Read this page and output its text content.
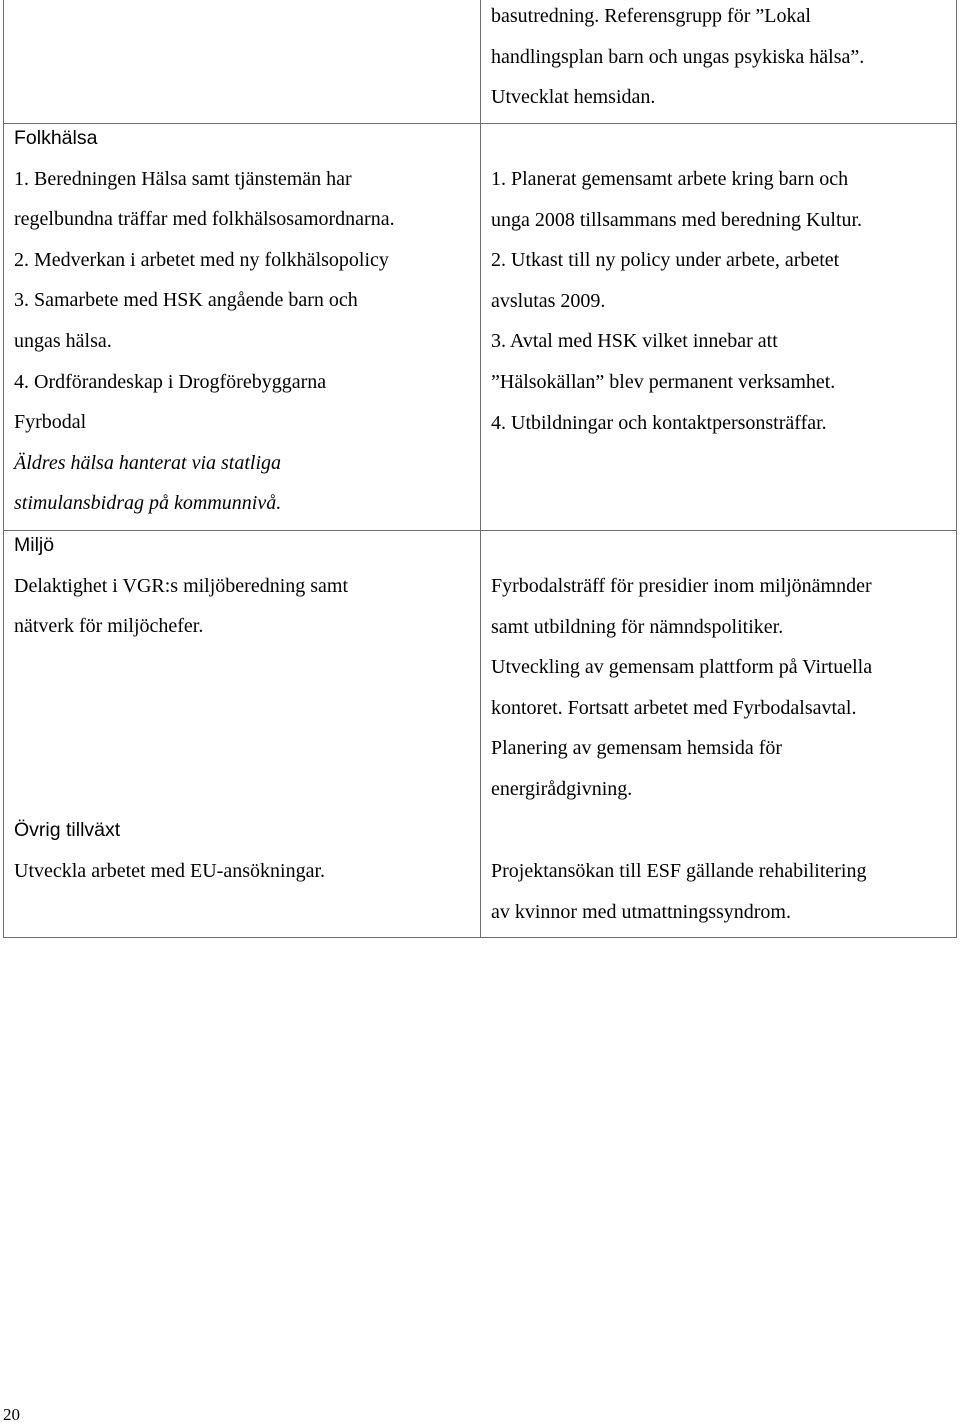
basutredning. Referensgrupp för ”Lokal

handlingsplan barn och ungas psykiska hälsa”.

Utvecklat hemsidan.

Folkhälsa

1. Beredningen Hälsa samt tjänstemän har

regelbundna träffar med folkhälsosamordnarna.

2. Medverkan i arbetet med ny folkhälsopolicy

3. Samarbete med HSK angående barn och

ungas hälsa.

4. Ordförandeskap i Drogförebyggarna

Fyrbodal

Äldres hälsa hanterat via statliga

stimulansbidrag på kommunnivå.

1. Planerat gemensamt arbete kring barn och

unga 2008 tillsammans med beredning Kultur.

2. Utkast till ny policy under arbete, arbetet

avslutas 2009.

3. Avtal med HSK vilket innebar att

”Hälsokällan” blev permanent verksamhet.

4. Utbildningar och kontaktpersonsträffar.

Miljö

Delaktighet i VGR:s miljöberedning samt

nätverk för miljöchefer.

Fyrbodalsträff för presidier inom miljönämnder

samt utbildning för nämndspolitiker.

Utveckling av gemensam plattform på Virtuella

kontoret. Fortsatt arbetet med Fyrbodalsavtal.

Planering av gemensam hemsida för

energirådgivning.

Övrig tillväxt

Utveckla arbetet med EU-ansökningar.	Projektansökan till ESF gällande rehabilitering

av kvinnor med utmattningssyndrom.

20
